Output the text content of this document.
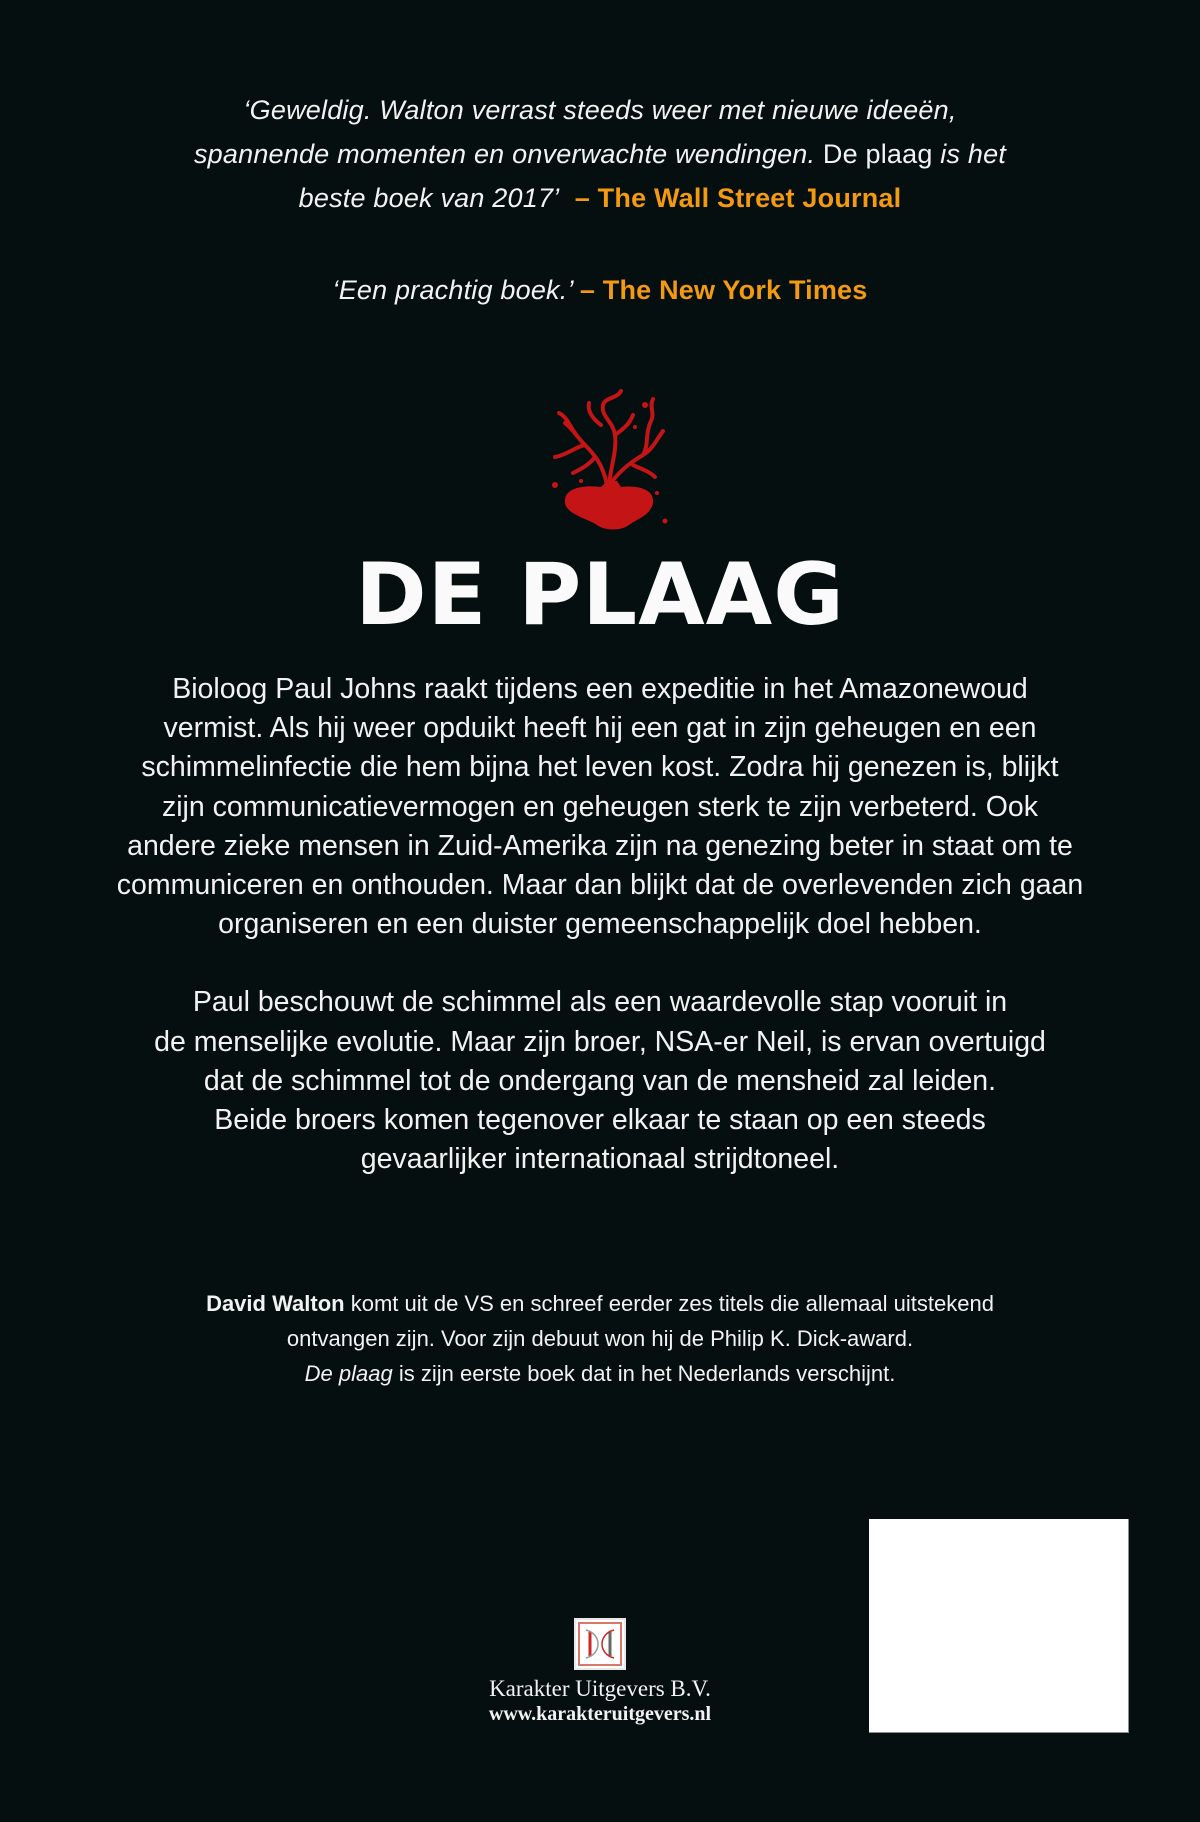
‘Geweldig. Walton verrast steeds weer met nieuwe ideeën,
spannende momenten en onverwachte wendingen. De plaag is het
beste boek van 2017’ – The Wall Street Journal
‘Een prachtig boek.’ – The New York Times
DE PLAAG

Bioloog Paul Johns raakt tijdens een expeditie in het Amazonewoud
vermist. Als hij weer opduikt heeft hij een gat in zijn geheugen en een
schimmelinfectie die hem bijna het leven kost. Zodra hij genezen is, blijkt
zijn communicatievermogen en geheugen sterk te zijn verbeterd. Ook
andere zieke mensen in Zuid-Amerika zijn na genezing beter in staat om te
communiceren en onthouden. Maar dan blijkt dat de overlevenden zich gaan
organiseren en een duister gemeenschappelijk doel hebben.

Paul beschouwt de schimmel als een waardevolle stap vooruit in
de menselijke evolutie. Maar zijn broer, NSA-er Neil, is ervan overtuigd
dat de schimmel tot de ondergang van de mensheid zal leiden.
Beide broers komen tegenover elkaar te staan op een steeds
gevaarlijker internationaal strijdtoneel.

David Walton komt uit de VS en schreef eerder zes titels die allemaal uitstekend
ontvangen zijn. Voor zijn debuut won hij de Philip K. Dick-award.
De plaag is zijn eerste boek dat in het Nederlands verschijnt.
Karakter Uitgevers B.V.
www.karakteruitgevers.nl
